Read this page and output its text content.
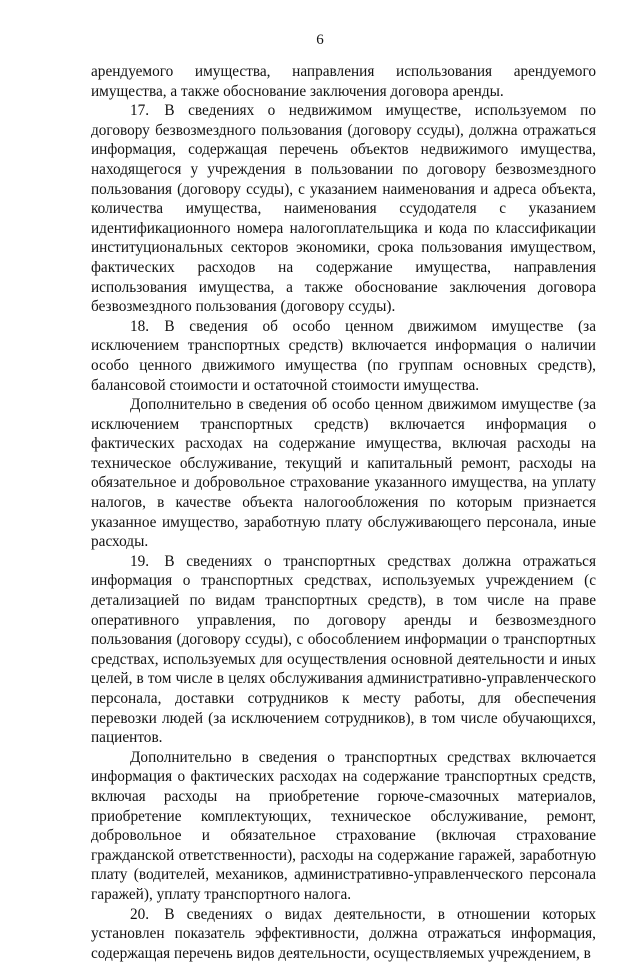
6

арендуемого имущества, направления использования арендуемого имущества, а также обоснование заключения договора аренды.

17. В сведениях о недвижимом имуществе, используемом по договору безвозмездного пользования (договору ссуды), должна отражаться информация, содержащая перечень объектов недвижимого имущества, находящегося у учреждения в пользовании по договору безвозмездного пользования (договору ссуды), с указанием наименования и адреса объекта, количества имущества, наименования ссудодателя с указанием идентификационного номера налогоплательщика и кода по классификации институциональных секторов экономики, срока пользования имуществом, фактических расходов на содержание имущества, направления использования имущества, а также обоснование заключения договора безвозмездного пользования (договору ссуды).

18. В сведения об особо ценном движимом имуществе (за исключением транспортных средств) включается информация о наличии особо ценного движимого имущества (по группам основных средств), балансовой стоимости и остаточной стоимости имущества.

Дополнительно в сведения об особо ценном движимом имуществе (за исключением транспортных средств) включается информация о фактических расходах на содержание имущества, включая расходы на техническое обслуживание, текущий и капитальный ремонт, расходы на обязательное и добровольное страхование указанного имущества, на уплату налогов, в качестве объекта налогообложения по которым признается указанное имущество, заработную плату обслуживающего персонала, иные расходы.

19. В сведениях о транспортных средствах должна отражаться информация о транспортных средствах, используемых учреждением (с детализацией по видам транспортных средств), в том числе на праве оперативного управления, по договору аренды и безвозмездного пользования (договору ссуды), с обособлением информации о транспортных средствах, используемых для осуществления основной деятельности и иных целей, в том числе в целях обслуживания административно-управленческого персонала, доставки сотрудников к месту работы, для обеспечения перевозки людей (за исключением сотрудников), в том числе обучающихся, пациентов.

Дополнительно в сведения о транспортных средствах включается информация о фактических расходах на содержание транспортных средств, включая расходы на приобретение горюче-смазочных материалов, приобретение комплектующих, техническое обслуживание, ремонт, добровольное и обязательное страхование (включая страхование гражданской ответственности), расходы на содержание гаражей, заработную плату (водителей, механиков, административно-управленческого персонала гаражей), уплату транспортного налога.

20. В сведениях о видах деятельности, в отношении которых установлен показатель эффективности, должна отражаться информация, содержащая перечень видов деятельности, осуществляемых учреждением, в
